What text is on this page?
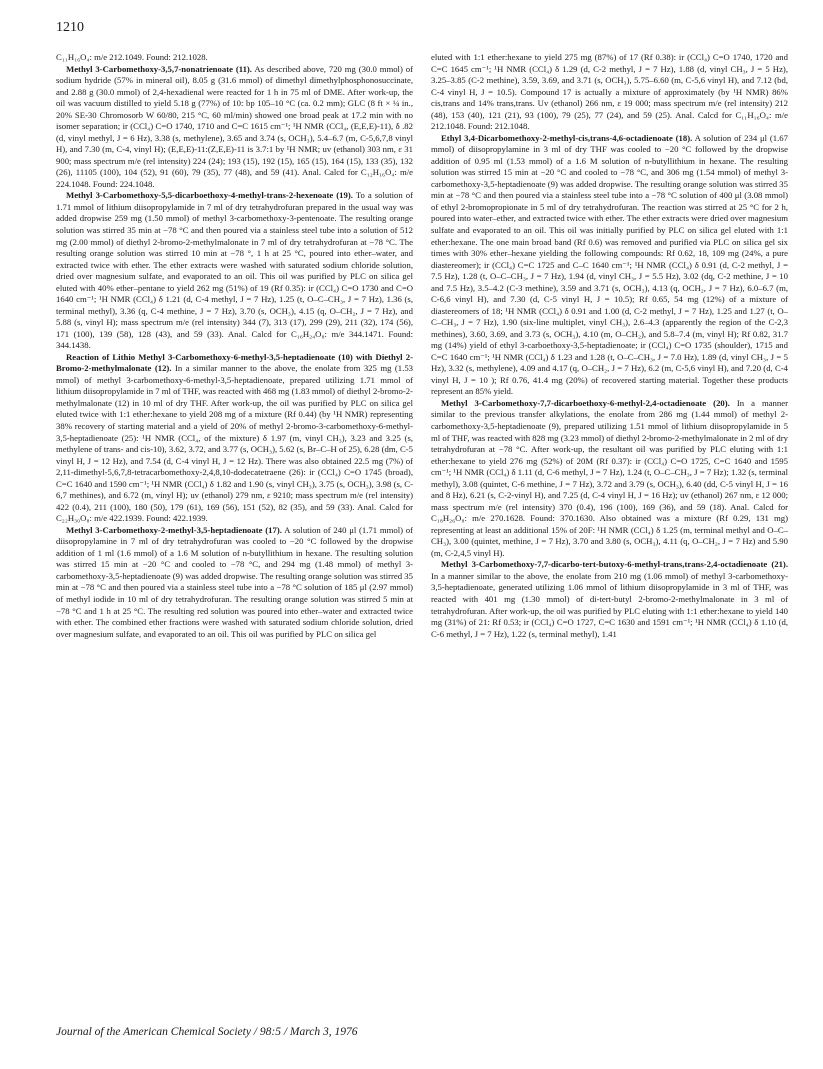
1210

C₁₁H₁₆O₄: m/e 212.1049. Found: 212.1028.

Methyl 3-Carbomethoxy-3,5,7-nonatrienoate (11). As described above, 720 mg (30.0 mmol) of sodium hydride (57% in mineral oil), 8.05 g (31.6 mmol) of dimethyl dimethylphosphonosuccinate, and 2.88 g (30.0 mmol) of 2,4-hexadienal were reacted for 1 h in 75 ml of DME. After work-up, the oil was vacuum distilled to yield 5.18 g (77%) of 10: bp 105–10 °C (ca. 0.2 mm); GLC (8 ft × ¼ in., 20% SE-30 Chromosorb W 60/80, 215 °C, 60 ml/min) showed one broad peak at 17.2 min with no isomer separation; ir (CCl₄) C=O 1740, 1710 and C=C 1615 cm⁻¹; ¹H NMR (CCl₄, (E,E,E)-11), δ .82 (d, vinyl methyl, J = 6 Hz), 3.38 (s, methylene), 3.65 and 3.74 (s, OCH₃), 5.4–6.7 (m, C-5,6,7,8 vinyl H), and 7.30 (m, C-4, vinyl H); (E,E,E)-11:(Z,E,E)-11 is 3.7:1 by ¹H NMR; uv (ethanol) 303 nm, ε 31 900; mass spectrum m/e (rel intensity) 224 (24); 193 (15), 192 (15), 165 (15), 164 (15), 133 (35), 132 (26), 11105 (100), 104 (52), 91 (60), 79 (35), 77 (48), and 59 (41). Anal. Calcd for C₁₂H₁₆O₄: m/e 224.1048. Found: 224.1048.

Methyl 3-Carbomethoxy-5,5-dicarboethoxy-4-methyl-trans-2-hexenoate (19). To a solution of 1.71 mmol of lithium diisopropylamide in 7 ml of dry tetrahydrofuran prepared in the usual way was added dropwise 259 mg (1.50 mmol) of methyl 3-carbomethoxy-3-pentenoate. The resulting orange solution was stirred 35 min at −78 °C and then poured via a stainless steel tube into a solution of 512 mg (2.00 mmol) of diethyl 2-bromo-2-methylmalonate in 7 ml of dry tetrahydrofuran at −78 °C. The resulting orange solution was stirred 10 min at −78 °, 1 h at 25 °C, poured into ether–water, and extracted twice with ether. The ether extracts were washed with saturated sodium chloride solution, dried over magnesium sulfate, and evaporated to an oil. This oil was purified by PLC on silica gel eluted with 40% ether–pentane to yield 262 mg (51%) of 19 (Rf 0.35): ir (CCl₄) C=O 1730 and C=O 1640 cm⁻¹; ¹H NMR (CCl₄) δ 1.21 (d, C-4 methyl, J = 7 Hz), 1.25 (t, O–C–CH₃, J = 7 Hz), 1.36 (s, terminal methyl), 3.36 (q, C-4 methine, J = 7 Hz), 3.70 (s, OCH₃), 4.15 (q, O–CH₂, J = 7 Hz), and 5.88 (s, vinyl H); mass spectrum m/e (rel intensity) 344 (7), 313 (17), 299 (29), 211 (32), 174 (56), 171 (100), 139 (58), 128 (43), and 59 (33). Anal. Calcd for C₁₆H₂₄O₈: m/e 344.1471. Found: 344.1438.

Reaction of Lithio Methyl 3-Carbomethoxy-6-methyl-3,5-heptadienoate (10) with Diethyl 2-Bromo-2-methylmalonate (12). In a similar manner to the above, the enolate from 325 mg (1.53 mmol) of methyl 3-carbomethoxy-6-methyl-3,5-heptadienoate, prepared utilizing 1.71 mmol of lithium diisopropylamide in 7 ml of THF, was reacted with 468 mg (1.83 mmol) of diethyl 2-bromo-2-methylmalonate (12) in 10 ml of dry THF. After work-up, the oil was purified by PLC on silica gel eluted twice with 1:1 ether:hexane to yield 208 mg of a mixture (Rf 0.44) (by ¹H NMR) representing 38% recovery of starting material and a yield of 20% of methyl 2-bromo-3-carbomethoxy-6-methyl-3,5-heptadienoate (25): ¹H NMR (CCl₄, of the mixture) δ 1.97 (m, vinyl CH₃), 3.23 and 3.25 (s, methylene of trans- and cis-10), 3.62, 3.72, and 3.77 (s, OCH₃), 5.62 (s, Br–C–H of 25), 6.28 (dm, C-5 vinyl H, J = 12 Hz), and 7.54 (d, C-4 vinyl H, J = 12 Hz). There was also obtained 22.5 mg (7%) of 2,11-dimethyl-5,6,7,8-tetracarbomethoxy-2,4,8,10-dodecatetraene (26): ir (CCl₄) C=O 1745 (broad), C=C 1640 and 1590 cm⁻¹; ¹H NMR (CCl₄) δ 1.82 and 1.90 (s, vinyl CH₃), 3.75 (s, OCH₃), 3.98 (s, C-6,7 methines), and 6.72 (m, vinyl H); uv (ethanol) 279 nm, ε 9210; mass spectrum m/e (rel intensity) 422 (0.4), 211 (100), 180 (50), 179 (61), 169 (56), 151 (52), 82 (35), and 59 (33). Anal. Calcd for C₂₂H₃₀O₈: m/e 422.1939. Found: 422.1939.

Methyl 3-Carbomethoxy-2-methyl-3,5-heptadienoate (17). A solution of 240 μl (1.71 mmol) of diisopropylamine in 7 ml of dry tetrahydrofuran was cooled to −20 °C followed by the dropwise addition of 1 ml (1.6 mmol) of a 1.6 M solution of n-butyllithium in hexane. The resulting solution was stirred 15 min at −20 °C and cooled to −78 °C, and 294 mg (1.48 mmol) of methyl 3-carbomethoxy-3,5-heptadienoate (9) was added dropwise. The resulting orange solution was stirred 35 min at −78 °C and then poured via a stainless steel tube into a −78 °C solution of 185 μl (2.97 mmol) of methyl iodide in 10 ml of dry tetrahydrofuran. The resulting orange solution was stirred 5 min at −78 °C and 1 h at 25 °C. The resulting red solution was poured into ether–water and extracted twice with ether. The combined ether fractions were washed with saturated sodium chloride solution, dried over magnesium sulfate, and evaporated to an oil. This oil was purified by PLC on silica gel

eluted with 1:1 ether:hexane to yield 275 mg (87%) of 17 (Rf 0.38): ir (CCl₄) C=O 1740, 1720 and C=C 1645 cm⁻¹; ¹H NMR (CCl₄) δ 1.29 (d, C-2 methyl, J = 7 Hz), 1.88 (d, vinyl CH₃, J = 5 Hz), 3.25–3.85 (C-2 methine), 3.59, 3.69, and 3.71 (s, OCH₃), 5.75–6.60 (m, C-5,6 vinyl H), and 7.12 (bd, C-4 vinyl H, J = 10.5). Compound 17 is actually a mixture of approximately (by ¹H NMR) 86% cis,trans and 14% trans,trans. Uv (ethanol) 266 nm, ε 19 000; mass spectrum m/e (rel intensity) 212 (48), 153 (40), 121 (21), 93 (100), 79 (25), 77 (24), and 59 (25). Anal. Calcd for C₁₁H₁₆O₄: m/e 212.1048. Found: 212.1048.

Ethyl 3,4-Dicarbomethoxy-2-methyl-cis,trans-4,6-octadienoate (18). A solution of 234 μl (1.67 mmol) of diisopropylamine in 3 ml of dry THF was cooled to −20 °C followed by the dropwise addition of 0.95 ml (1.53 mmol) of a 1.6 M solution of n-butyllithium in hexane. The resulting solution was stirred 15 min at −20 °C and cooled to −78 °C, and 306 mg (1.54 mmol) of methyl 3-carbomethoxy-3,5-heptadienoate (9) was added dropwise. The resulting orange solution was stirred 35 min at −78 °C and then poured via a stainless steel tube into a −78 °C solution of 400 μl (3.08 mmol) of ethyl 2-bromopropionate in 5 ml of dry tetrahydrofuran. The reaction was stirred at 25 °C for 2 h, poured into water–ether, and extracted twice with ether. The ether extracts were dried over magnesium sulfate and evaporated to an oil. This oil was initially purified by PLC on silica gel eluted with 1:1 ether:hexane. The one main broad band (Rf 0.6) was removed and purified via PLC on silica gel six times with 30% ether–hexane yielding the following compounds: Rf 0.62, 18, 109 mg (24%, a pure diastereomer); ir (CCl₄) C=C 1725 and C–C 1640 cm⁻¹; ¹H NMR (CCl₄) δ 0.91 (d, C-2 methyl, J = 7.5 Hz), 1.28 (t, O–C–CH₃, J = 7 Hz), 1.94 (d, vinyl CH₃, J = 5.5 Hz), 3.02 (dq, C-2 methine, J = 10 and 7.5 Hz), 3.5–4.2 (C-3 methine), 3.59 and 3.71 (s, OCH₃), 4.13 (q, OCH₂, J = 7 Hz), 6.0–6.7 (m, C-6,6 vinyl H), and 7.30 (d, C-5 vinyl H, J = 10.5); Rf 0.65, 54 mg (12%) of a mixture of diastereomers of 18; ¹H NMR (CCl₄) δ 0.91 and 1.00 (d, C-2 methyl, J = 7 Hz), 1.25 and 1.27 (t, O–C–CH₃, J = 7 Hz), 1.90 (six-line multiplet, vinyl CH₃), 2.6–4.3 (apparently the region of the C-2,3 methines), 3.60, 3.69, and 3.73 (s, OCH₃), 4.10 (m, O–CH₂), and 5.8–7.4 (m, vinyl H); Rf 0.82, 31.7 mg (14%) yield of ethyl 3-carboethoxy-3,5-heptadienoate; ir (CCl₄) C=O 1735 (shoulder), 1715 and C=C 1640 cm⁻¹; ¹H NMR (CCl₄) δ 1.23 and 1.28 (t, O–C–CH₃, J = 7.0 Hz), 1.89 (d, vinyl CH₃, J = 5 Hz), 3.32 (s, methylene), 4.09 and 4.17 (q, O–CH₂, J = 7 Hz), 6.2 (m, C-5,6 vinyl H), and 7.20 (d, C-4 vinyl H, J = 10 ); Rf 0.76, 41.4 mg (20%) of recovered starting material. Together these products represent an 85% yield.

Methyl 3-Carbomethoxy-7,7-dicarboethoxy-6-methyl-2,4-octadienoate (20). In a manner similar to the previous transfer alkylations, the enolate from 286 mg (1.44 mmol) of methyl 2-carbomethoxy-3,5-heptadienoate (9), prepared utilizing 1.51 mmol of lithium diisopropylamide in 5 ml of THF, was reacted with 828 mg (3.23 mmol) of diethyl 2-bromo-2-methylmalonate in 2 ml of dry tetrahydrofuran at −78 °C. After work-up, the resultant oil was purified by PLC eluting with 1:1 ether:hexane to yield 276 mg (52%) of 20M (Rf 0.37): ir (CCl₄) C=O 1725, C=C 1640 and 1595 cm⁻¹; ¹H NMR (CCl₄) δ 1.11 (d, C-6 methyl, J = 7 Hz), 1.24 (t, O–C–CH₃, J = 7 Hz); 1.32 (s, terminal methyl), 3.08 (quintet, C-6 methine, J = 7 Hz), 3.72 and 3.79 (s, OCH₃), 6.40 (dd, C-5 vinyl H, J = 16 and 8 Hz), 6.21 (s, C-2-vinyl H), and 7.25 (d, C-4 vinyl H, J = 16 Hz); uv (ethanol) 267 nm, ε 12 000; mass spectrum m/e (rel intensity) 370 (0.4), 196 (100), 169 (36), and 59 (18). Anal. Calcd for C₁₈H₂₆O₈: m/e 270.1628. Found: 370.1630. Also obtained was a mixture (Rf 0.29, 131 mg) representing at least an additional 15% of 20F: ¹H NMR (CCl₄) δ 1.25 (m, terminal methyl and O–C–CH₃), 3.00 (quintet, methine, J = 7 Hz), 3.70 and 3.80 (s, OCH₃), 4.11 (q, O–CH₂, J = 7 Hz) and 5.90 (m, C-2,4,5 vinyl H).

Methyl 3-Carbomethoxy-7,7-dicarbo-tert-butoxy-6-methyl-trans,trans-2,4-octadienoate (21). In a manner similar to the above, the enolate from 210 mg (1.06 mmol) of methyl 3-carbomethoxy-3,5-heptadienoate, generated utilizing 1.06 mmol of lithium diisopropylamide in 3 ml of THF, was reacted with 401 mg (1.30 mmol) of di-tert-butyl 2-bromo-2-methylmalonate in 3 ml of tetrahydrofuran. After work-up, the oil was purified by PLC eluting with 1:1 ether:hexane to yield 140 mg (31%) of 21: Rf 0.53; ir (CCl₄) C=O 1727, C=C 1630 and 1591 cm⁻¹; ¹H NMR (CCl₄) δ 1.10 (d, C-6 methyl, J = 7 Hz), 1.22 (s, terminal methyl), 1.41

Journal of the American Chemical Society / 98:5 / March 3, 1976
